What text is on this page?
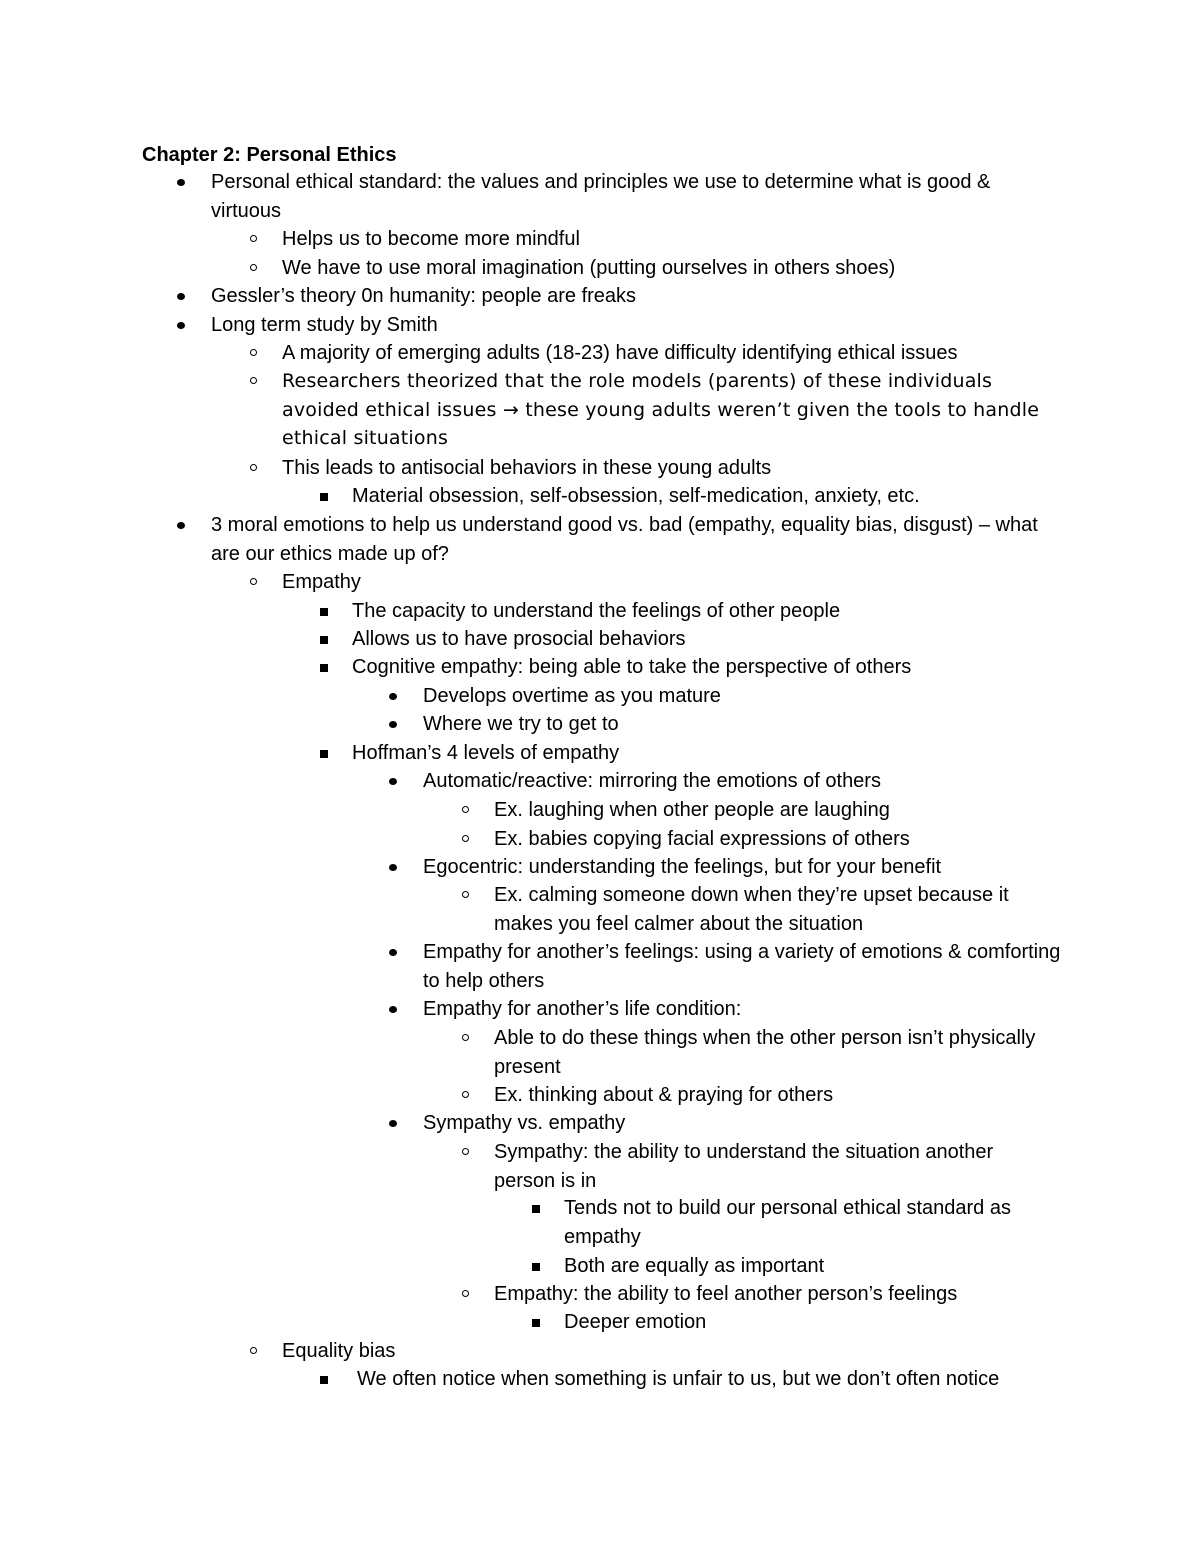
Chapter 2: Personal Ethics
Personal ethical standard: the values and principles we use to determine what is good & virtuous
Helps us to become more mindful
We have to use moral imagination (putting ourselves in others shoes)
Gessler’s theory 0n humanity: people are freaks
Long term study by Smith
A majority of emerging adults (18-23) have difficulty identifying ethical issues
Researchers theorized that the role models (parents) of these individuals avoided ethical issues → these young adults weren’t given the tools to handle ethical situations
This leads to antisocial behaviors in these young adults
Material obsession, self-obsession, self-medication, anxiety, etc.
3 moral emotions to help us understand good vs. bad (empathy, equality bias, disgust) – what are our ethics made up of?
Empathy
The capacity to understand the feelings of other people
Allows us to have prosocial behaviors
Cognitive empathy: being able to take the perspective of others
Develops overtime as you mature
Where we try to get to
Hoffman’s 4 levels of empathy
Automatic/reactive: mirroring the emotions of others
Ex. laughing when other people are laughing
Ex. babies copying facial expressions of others
Egocentric: understanding the feelings, but for your benefit
Ex. calming someone down when they’re upset because it makes you feel calmer about the situation
Empathy for another’s feelings: using a variety of emotions & comforting to help others
Empathy for another’s life condition:
Able to do these things when the other person isn’t physically present
Ex. thinking about & praying for others
Sympathy vs. empathy
Sympathy: the ability to understand the situation another person is in
Tends not to build our personal ethical standard as empathy
Both are equally as important
Empathy: the ability to feel another person’s feelings
Deeper emotion
Equality bias
We often notice when something is unfair to us, but we don’t often notice
